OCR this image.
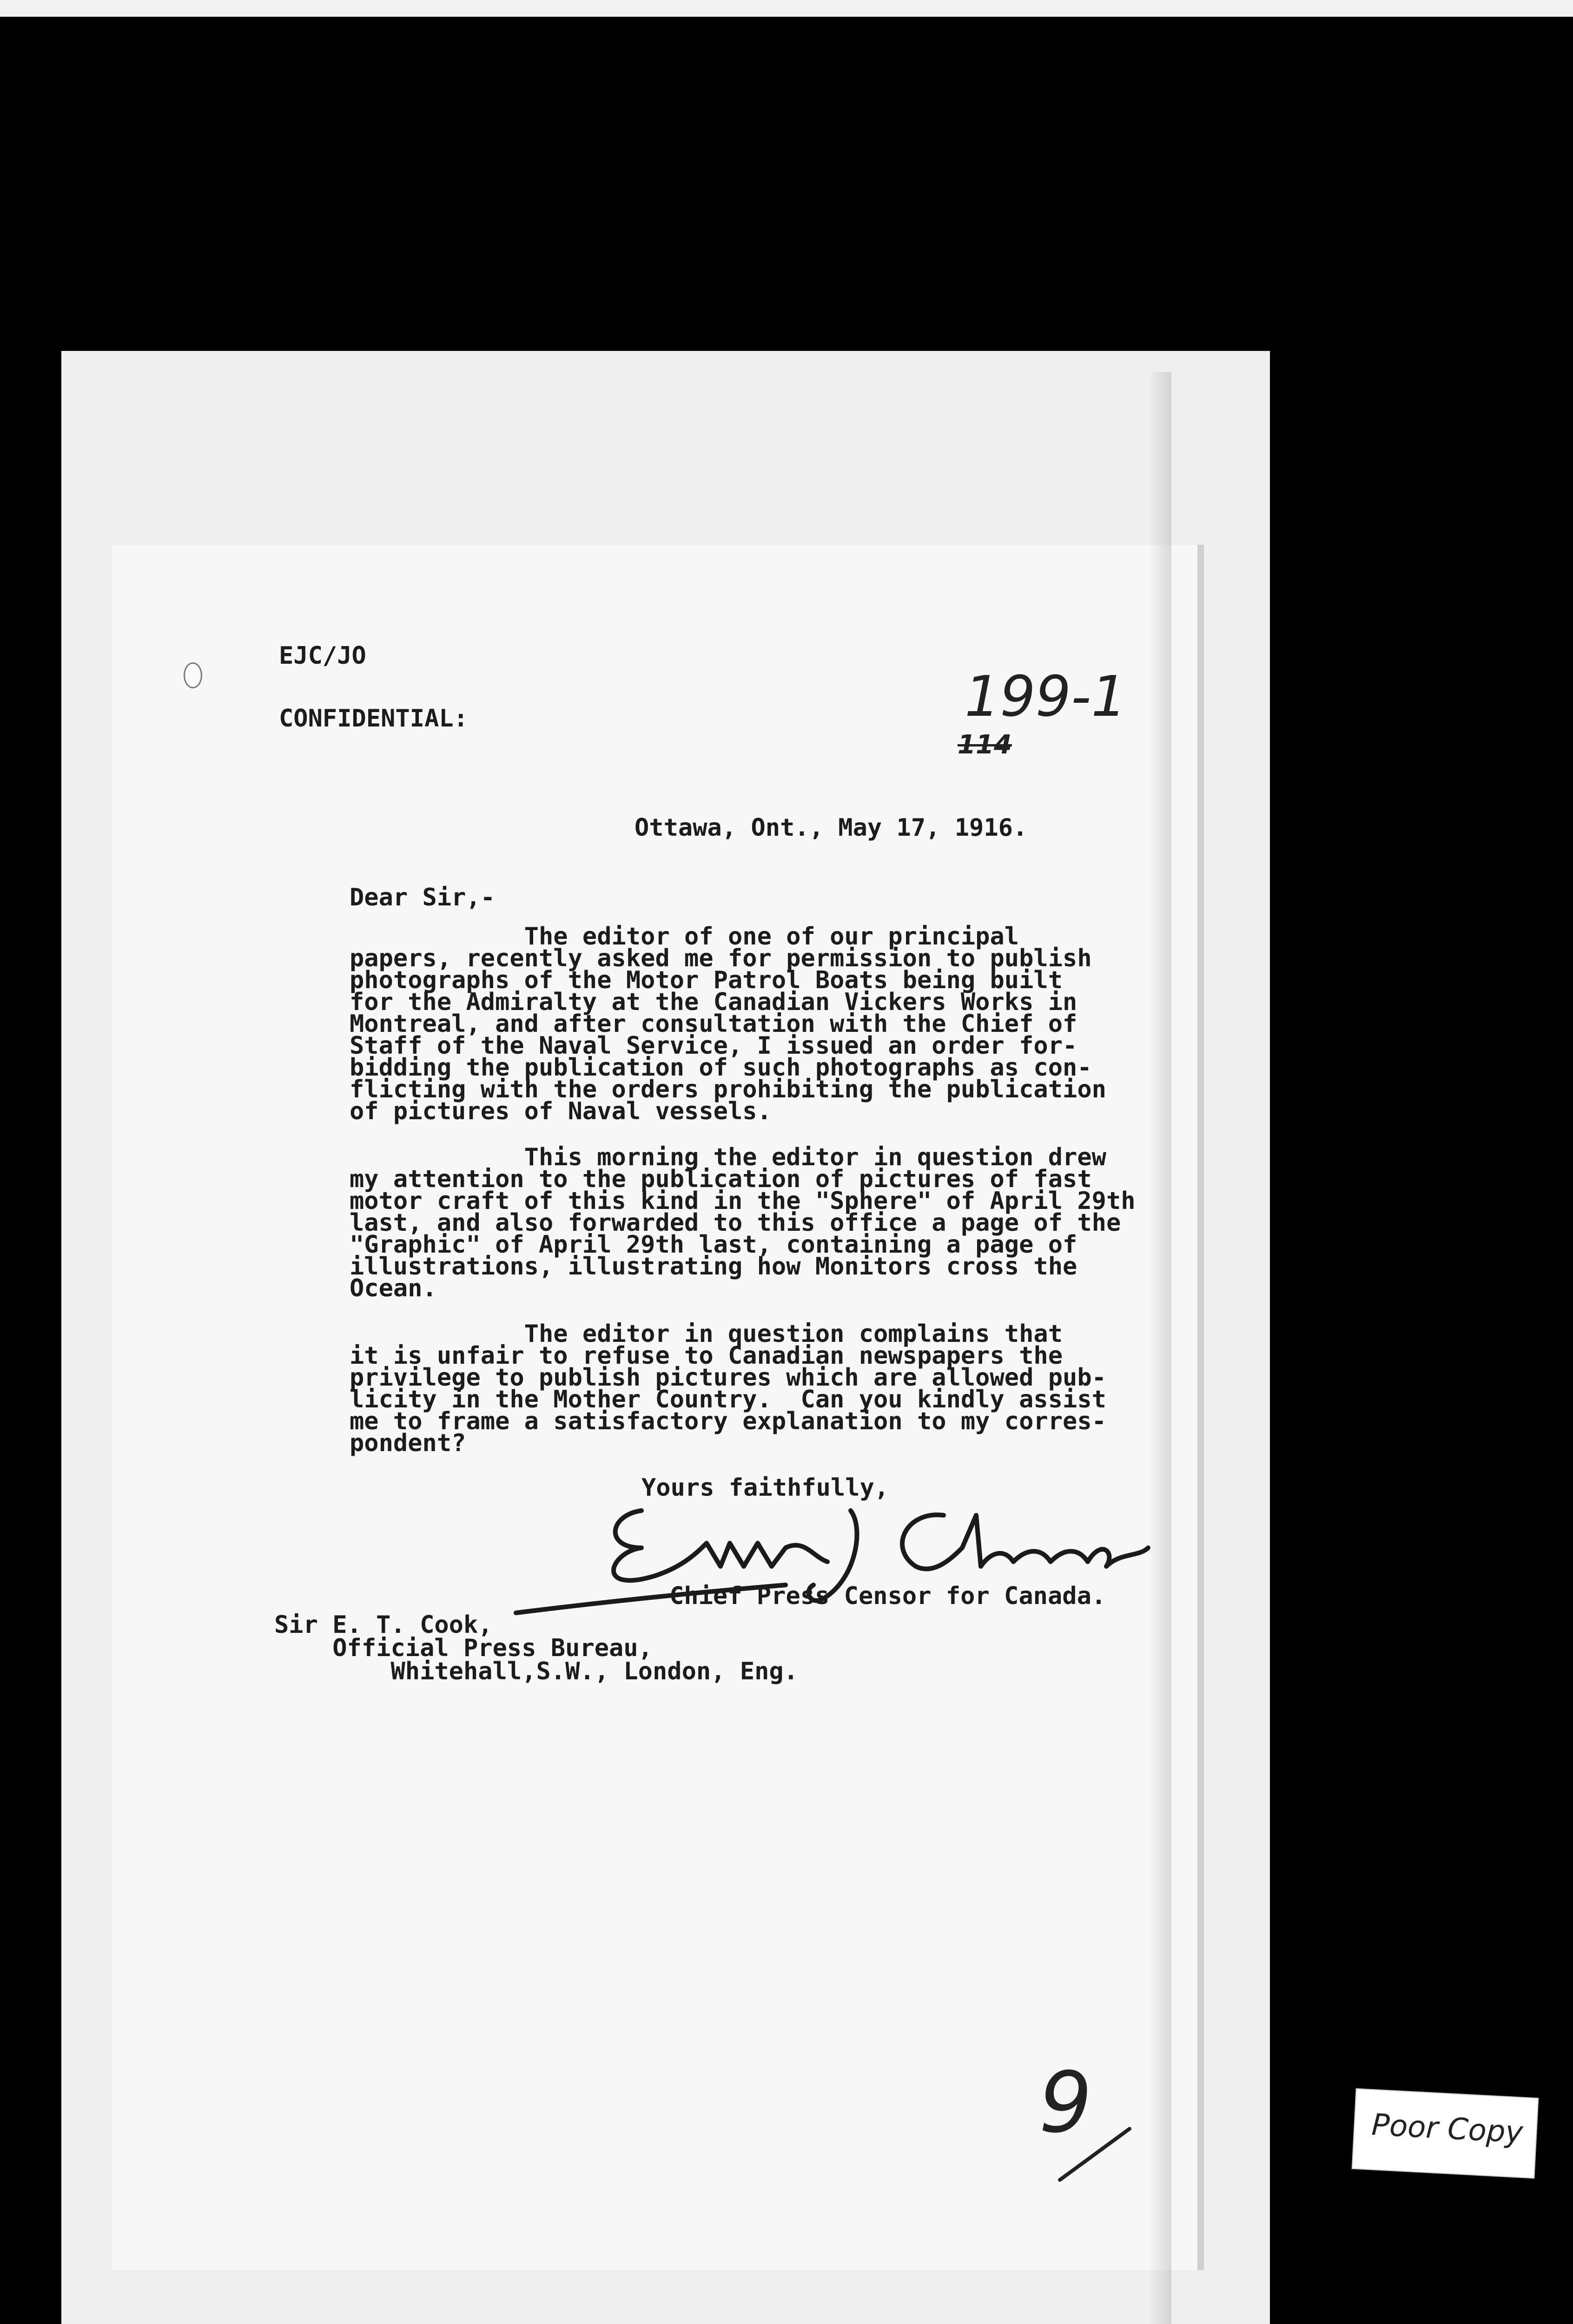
EJC/JO
CONFIDENTIAL:	199-1
114
Ottawa, Ont., May 17, 1916.
Dear Sir,-
The editor of one of our principal
papers, recently asked me for permission to publish
photographs of the Motor Patrol Boats being built
for the Admiralty at the Canadian Vickers Works in
Montreal, and after consultation with the Chief of
Staff of the Naval Service, I issued an order for-
bidding the publication of such photographs as con-
flicting with the orders prohibiting the publication
of pictures of Naval vessels.
This morning the editor in question drew
my attention to the publication of pictures of fast
motor craft of this kind in the "Sphere" of April 29th
last, and also forwarded to this office a page of the
"Graphic" of April 29th last, containing a page of
illustrations, illustrating how Monitors cross the
Ocean.
The editor in question complains that
it is unfair to refuse to Canadian newspapers the
privilege to publish pictures which are allowed pub-
licity in the Mother Country.  Can you kindly assist
me to frame a satisfactory explanation to my corres-
pondent?
Yours faithfully,
Chief Press Censor for Canada.
Sir E. T. Cook,
Official Press Bureau,
Whitehall,S.W., London, Eng.
9	Poor Copy
